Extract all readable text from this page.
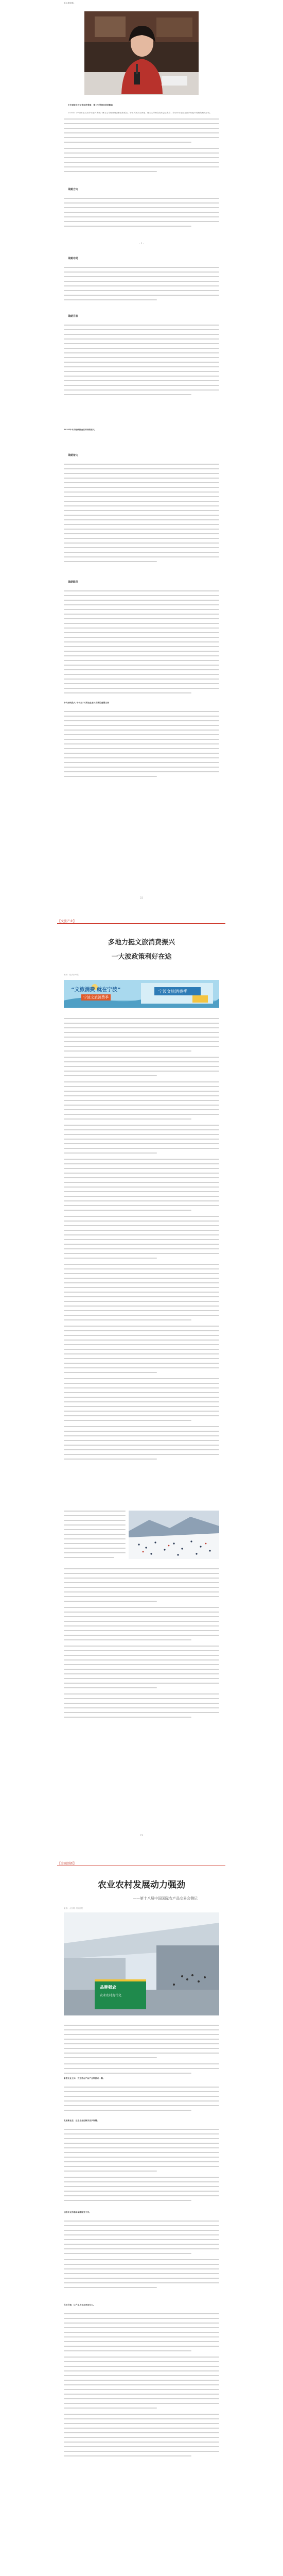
原标题如题。

中央财政支持丝带经济观察：博士生导师李某某解读

2020年《中央财政支持乡村振兴观察》博士生导师详细讲解政策要点。中国人民大学教授、博士生导师在发布会上发言，介绍中央财政支持乡村振兴观察的相关情况。

战略方向
· 1 ·
战略布局
战略目标
2020年中央财政资金安排持续加大
战略着力
战略路径
中央财政投入“十四五”时期农业农村发展的重要支持
22
【文旅产业】
多地力挺文旅消费振兴
一大波政策利好在途
来源：经济参考报
“文旅消费 就在宁波”
宁波文旅消费季
宁波文旅消费季
23
【金融创新】
农业农村发展动力强劲
——第十八届中国国际农产品交易会侧记
来源：人民网 人民日报
品牌强农
农业农村现代化
新型农业主体，为这些农产品产业带振兴一隅。
发展新业态，这是企业在解决更多问题。
加强支农的基础保障服务工作。
科技引领，让产业从支农更加有力。
